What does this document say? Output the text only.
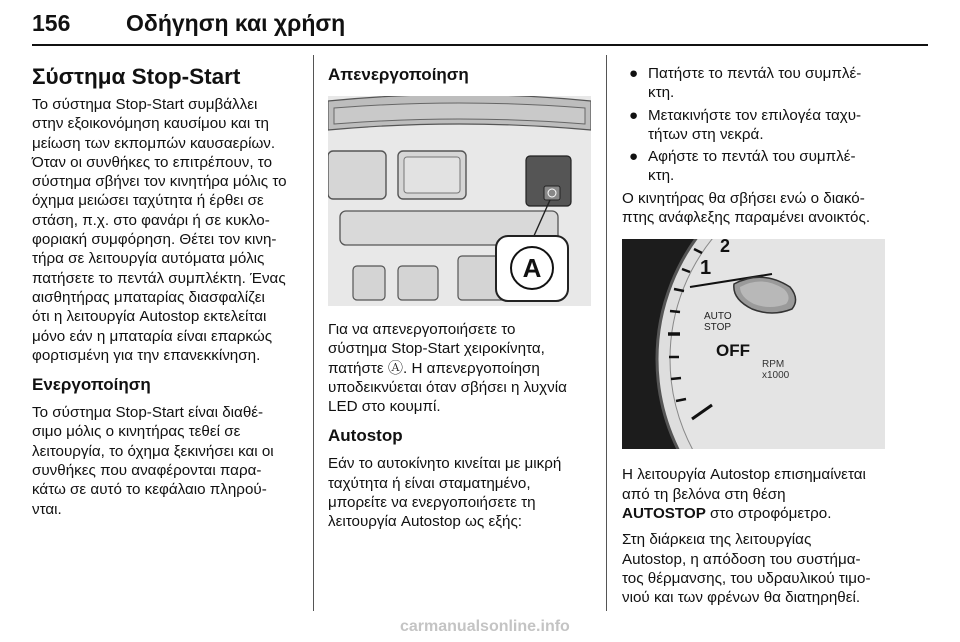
156 Οδήγηση και χρήση

Σύστημα Stop-Start

Το σύστημα Stop-Start συμβάλλει

στην εξοικονόμηση καυσίμου και τη

μείωση των εκπομπών καυσαερίων.

Όταν οι συνθήκες το επιτρέπουν, το

σύστημα σβήνει τον κινητήρα μόλις το

όχημα μειώσει ταχύτητα ή έρθει σε

στάση, π.χ. στο φανάρι ή σε κυκλο-

φοριακή συμφόρηση. Θέτει τον κινη-

τήρα σε λειτουργία αυτόματα μόλις

πατήσετε το πεντάλ συμπλέκτη. Ένας

αισθητήρας μπαταρίας διασφαλίζει

ότι η λειτουργία Autostop εκτελείται

μόνο εάν η μπαταρία είναι επαρκώς

φορτισμένη για την επανεκκίνηση.

Ενεργοποίηση

Το σύστημα Stop-Start είναι διαθέ-

σιμο μόλις ο κινητήρας τεθεί σε

λειτουργία, το όχημα ξεκινήσει και οι

συνθήκες που αναφέρονται παρα-

κάτω σε αυτό το κεφάλαιο πληρού-

νται.

Απενεργοποίηση

A

Για να απενεργοποιήσετε το

σύστημα Stop-Start χειροκίνητα,

πατήστε Ⓐ. Η απενεργοποίηση

υποδεικνύεται όταν σβήσει η λυχνία

LED στο κουμπί.

Autostop

Εάν το αυτοκίνητο κινείται με μικρή

ταχύτητα ή είναι σταματημένο,

μπορείτε να ενεργοποιήσετε τη

λειτουργία Autostop ως εξής:

● Πατήστε το πεντάλ του συμπλέ-
κτη.
● Μετακινήστε τον επιλογέα ταχυ-
τήτων στη νεκρά.
● Αφήστε το πεντάλ του συμπλέ-
κτη.

Ο κινητήρας θα σβήσει ενώ ο διακό-

πτης ανάφλεξης παραμένει ανοικτός.

2
1
AUTO
STOP
OFF
RPM
x1000

Η λειτουργία Autostop επισημαίνεται

από τη βελόνα στη θέση

AUTOSTOP στο στροφόμετρο.

Στη διάρκεια της λειτουργίας

Autostop, η απόδοση του συστήμα-

τος θέρμανσης, του υδραυλικού τιμο-

νιού και των φρένων θα διατηρηθεί.

carmanualsonline.info
